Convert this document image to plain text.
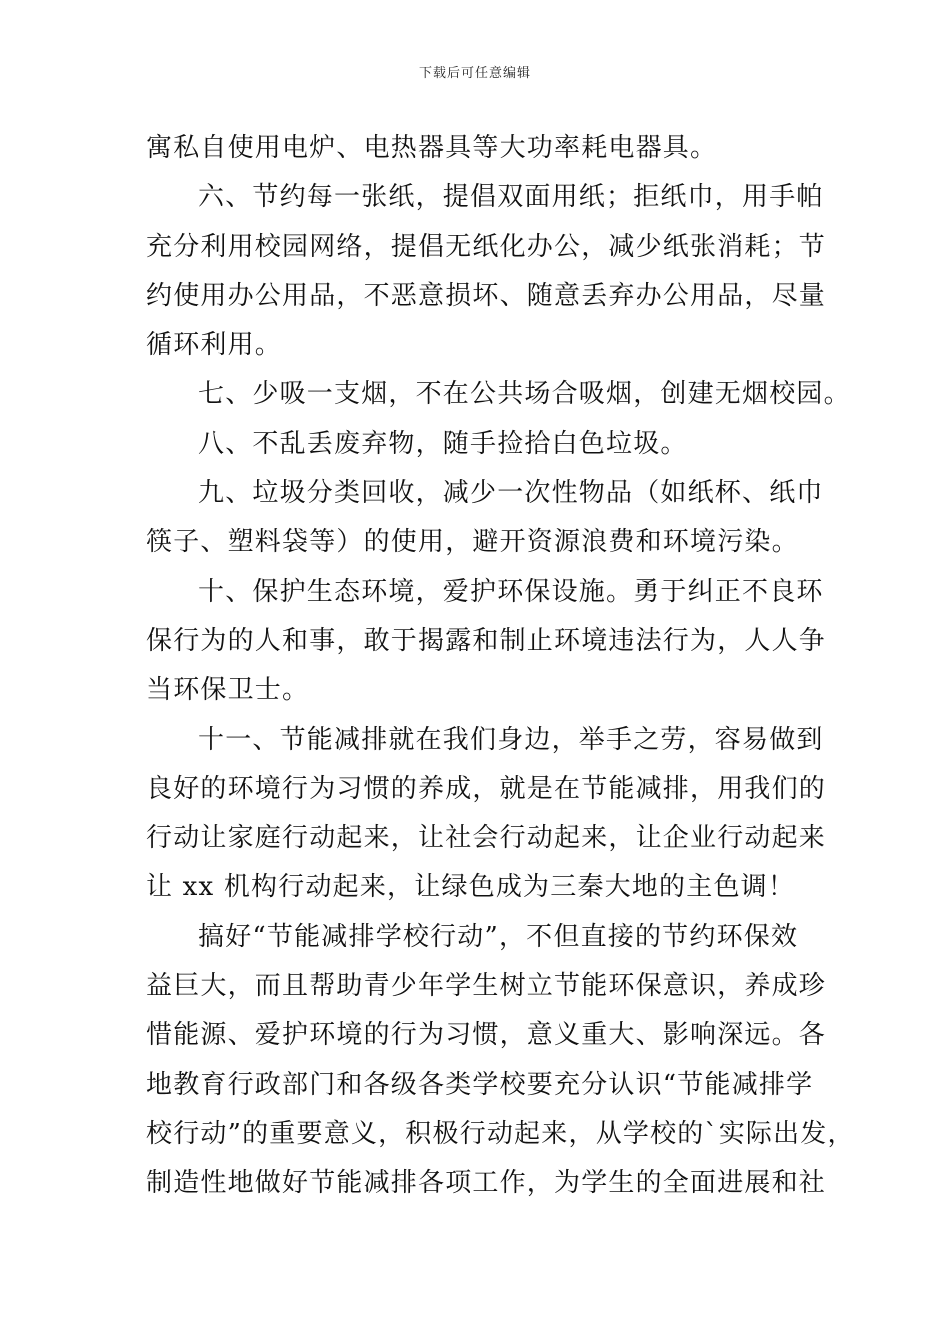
下载后可任意编辑
寓私自使用电炉、电热器具等大功率耗电器具。
六、节约每一张纸，提倡双面用纸；拒纸巾，用手帕
充分利用校园网络，提倡无纸化办公，减少纸张消耗；节
约使用办公用品，不恶意损坏、随意丢弃办公用品，尽量
循环利用。
七、少吸一支烟，不在公共场合吸烟，创建无烟校园。
八、不乱丢废弃物，随手捡拾白色垃圾。
九、垃圾分类回收，减少一次性物品（如纸杯、纸巾
筷子、塑料袋等）的使用，避开资源浪费和环境污染。
十、保护生态环境，爱护环保设施。勇于纠正不良环
保行为的人和事，敢于揭露和制止环境违法行为，人人争
当环保卫士。
十一、节能减排就在我们身边，举手之劳，容易做到
良好的环境行为习惯的养成，就是在节能减排，用我们的
行动让家庭行动起来，让社会行动起来，让企业行动起来
让 xx 机构行动起来，让绿色成为三秦大地的主色调！
搞好“节能减排学校行动”，不但直接的节约环保效
益巨大，而且帮助青少年学生树立节能环保意识，养成珍
惜能源、爱护环境的行为习惯，意义重大、影响深远。各
地教育行政部门和各级各类学校要充分认识“节能减排学
校行动”的重要意义，积极行动起来，从学校的`实际出发，
制造性地做好节能减排各项工作，为学生的全面进展和社
